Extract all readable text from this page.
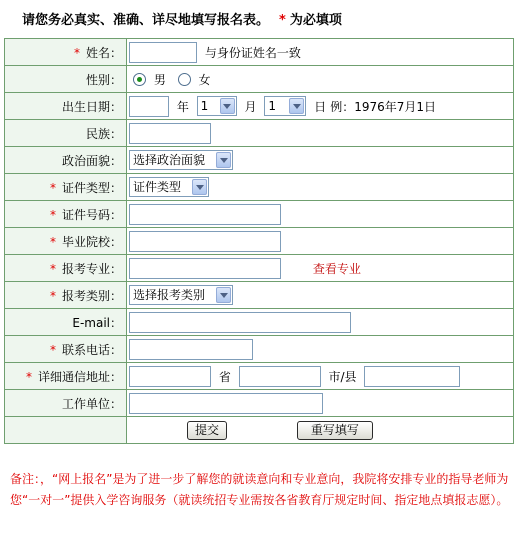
请您务必真实、准确、详尽地填写报名表。 * 为必填项
* 姓名：	与身份证姓名一致
性别：	男 女
出生日期：	年 1 月 1 日 例：1976年7月1日
民族：	
政治面貌：	选择政治面貌

* 证件类型：	证件类型

* 证件号码：	
* 毕业院校：	
* 报考专业：	查看专业
* 报考类别：	选择报考类别

E-mail：	
* 联系电话：	
* 详细通信地址：	省 市/县
工作单位：	
	提交 重写填写
备注：，“网上报名”是为了进一步了解您的就读意向和专业意向，我院将安排专业的指导老师为您“一对一”提供入学咨询服务（就读统招专业需按各省教育厅规定时间、指定地点填报志愿）。
